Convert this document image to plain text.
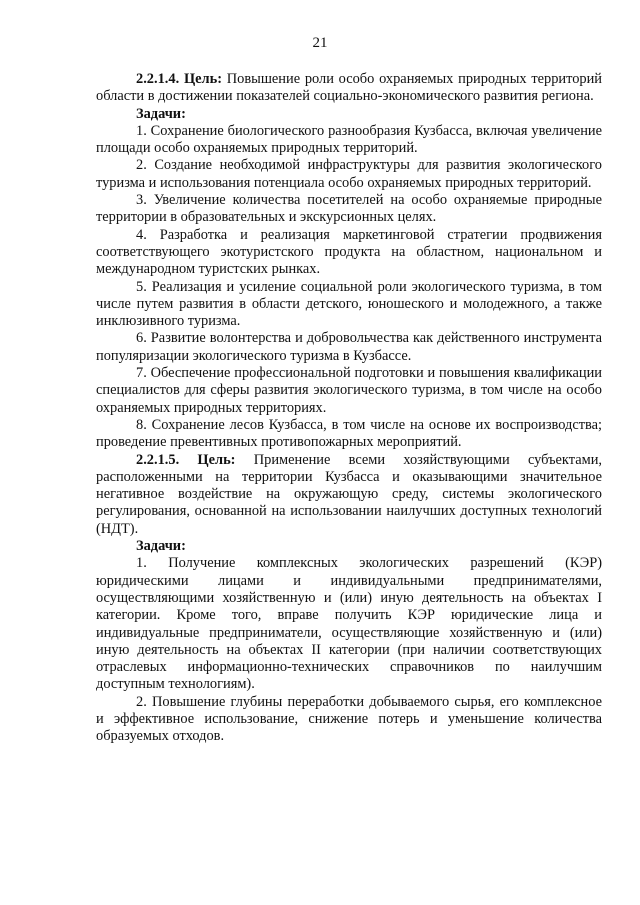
21

2.2.1.4. Цель: Повышение роли особо охраняемых природных территорий области в достижении показателей социально-экономического развития региона.

Задачи:

1. Сохранение биологического разнообразия Кузбасса, включая увеличение площади особо охраняемых природных территорий.

2. Создание необходимой инфраструктуры для развития экологического туризма и использования потенциала особо охраняемых природных территорий.

3. Увеличение количества посетителей на особо охраняемые природные территории в образовательных и экскурсионных целях.

4. Разработка и реализация маркетинговой стратегии продвижения соответствующего экотуристского продукта на областном, национальном и международном туристских рынках.

5. Реализация и усиление социальной роли экологического туризма, в том числе путем развития в области детского, юношеского и молодежного, а также инклюзивного туризма.

6. Развитие волонтерства и добровольчества как действенного инструмента популяризации экологического туризма в Кузбассе.

7. Обеспечение профессиональной подготовки и повышения квалификации специалистов для сферы развития экологического туризма, в том числе на особо охраняемых природных территориях.

8. Сохранение лесов Кузбасса, в том числе на основе их воспроизводства; проведение превентивных противопожарных мероприятий.

2.2.1.5. Цель: Применение всеми хозяйствующими субъектами, расположенными на территории Кузбасса и оказывающими значительное негативное воздействие на окружающую среду, системы экологического регулирования, основанной на использовании наилучших доступных технологий (НДТ).

Задачи:

1. Получение комплексных экологических разрешений (КЭР) юридическими лицами и индивидуальными предпринимателями, осуществляющими хозяйственную и (или) иную деятельность на объектах I категории. Кроме того, вправе получить КЭР юридические лица и индивидуальные предприниматели, осуществляющие хозяйственную и (или) иную деятельность на объектах II категории (при наличии соответствующих отраслевых информационно-технических справочников по наилучшим доступным технологиям).

2. Повышение глубины переработки добываемого сырья, его комплексное и эффективное использование, снижение потерь и уменьшение количества образуемых отходов.
